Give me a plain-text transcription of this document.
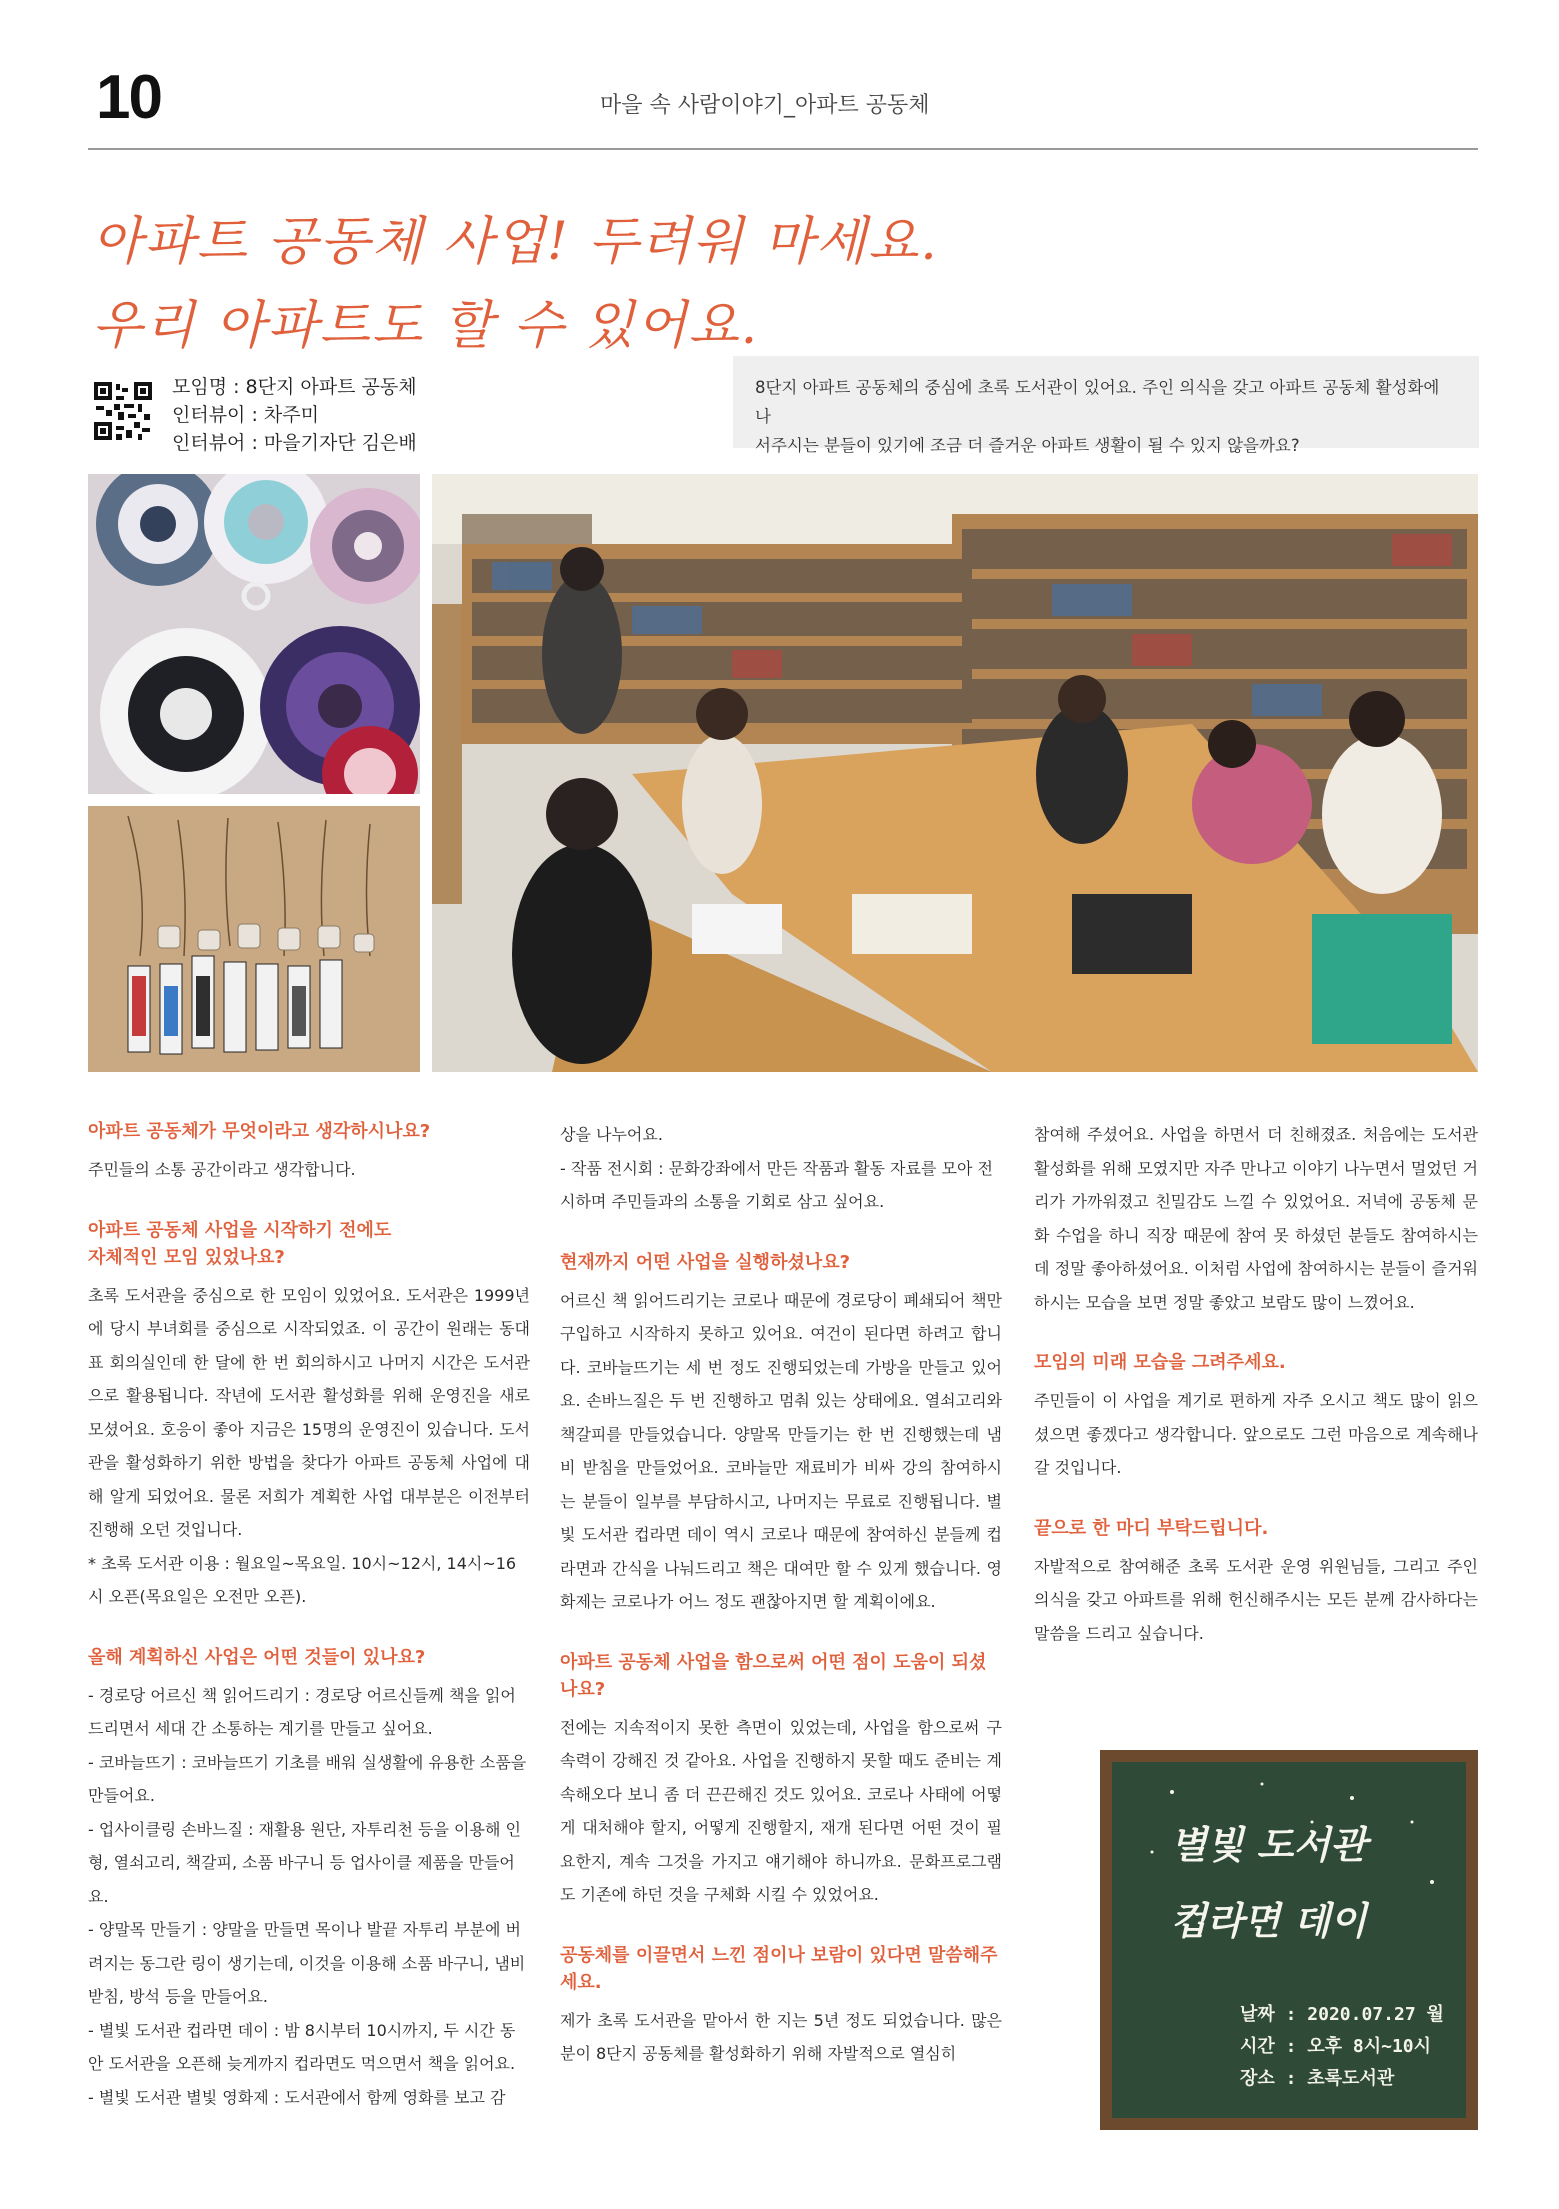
10	마을 속 사람이야기_아파트 공동체
아파트 공동체 사업! 두려워 마세요.
우리 아파트도 할 수 있어요.
모임명 : 8단지 아파트 공동체
인터뷰이 : 차주미
인터뷰어 : 마을기자단 김은배
8단지 아파트 공동체의 중심에 초록 도서관이 있어요. 주인 의식을 갖고 아파트 공동체 활성화에 나
서주시는 분들이 있기에 조금 더 즐거운 아파트 생활이 될 수 있지 않을까요?

아파트 공동체가 무엇이라고 생각하시나요?

주민들의 소통 공간이라고 생각합니다.

아파트 공동체 사업을 시작하기 전에도

자체적인 모임 있었나요?

초록 도서관을 중심으로 한 모임이 있었어요. 도서관은 1999년에 당시 부녀회를 중심으로 시작되었죠. 이 공간이 원래는 동대표 회의실인데 한 달에 한 번 회의하시고 나머지 시간은 도서관으로 활용됩니다. 작년에 도서관 활성화를 위해 운영진을 새로 모셨어요. 호응이 좋아 지금은 15명의 운영진이 있습니다. 도서관을 활성화하기 위한 방법을 찾다가 아파트 공동체 사업에 대해 알게 되었어요. 물론 저희가 계획한 사업 대부분은 이전부터 진행해 오던 것입니다.

* 초록 도서관 이용 : 월요일~목요일. 10시~12시, 14시~16시 오픈(목요일은 오전만 오픈).

올해 계획하신 사업은 어떤 것들이 있나요?

- 경로당 어르신 책 읽어드리기 : 경로당 어르신들께 책을 읽어드리면서 세대 간 소통하는 계기를 만들고 싶어요.

- 코바늘뜨기 : 코바늘뜨기 기초를 배워 실생활에 유용한 소품을 만들어요.

- 업사이클링 손바느질 : 재활용 원단, 자투리천 등을 이용해 인형, 열쇠고리, 책갈피, 소품 바구니 등 업사이클 제품을 만들어요.

- 양말목 만들기 : 양말을 만들면 목이나 발끝 자투리 부분에 버려지는 동그란 링이 생기는데, 이것을 이용해 소품 바구니, 냄비 받침, 방석 등을 만들어요.

- 별빛 도서관 컵라면 데이 : 밤 8시부터 10시까지, 두 시간 동안 도서관을 오픈해 늦게까지 컵라면도 먹으면서 책을 읽어요.

- 별빛 도서관 별빛 영화제 : 도서관에서 함께 영화를 보고 감

상을 나누어요.

- 작품 전시회 : 문화강좌에서 만든 작품과 활동 자료를 모아 전시하며 주민들과의 소통을 기회로 삼고 싶어요.

현재까지 어떤 사업을 실행하셨나요?

어르신 책 읽어드리기는 코로나 때문에 경로당이 폐쇄되어 책만 구입하고 시작하지 못하고 있어요. 여건이 된다면 하려고 합니다. 코바늘뜨기는 세 번 정도 진행되었는데 가방을 만들고 있어요. 손바느질은 두 번 진행하고 멈춰 있는 상태에요. 열쇠고리와 책갈피를 만들었습니다. 양말목 만들기는 한 번 진행했는데 냄비 받침을 만들었어요. 코바늘만 재료비가 비싸 강의 참여하시는 분들이 일부를 부담하시고, 나머지는 무료로 진행됩니다. 별빛 도서관 컵라면 데이 역시 코로나 때문에 참여하신 분들께 컵라면과 간식을 나눠드리고 책은 대여만 할 수 있게 했습니다. 영화제는 코로나가 어느 정도 괜찮아지면 할 계획이에요.

아파트 공동체 사업을 함으로써 어떤 점이 도움이 되셨나요?

전에는 지속적이지 못한 측면이 있었는데, 사업을 함으로써 구속력이 강해진 것 같아요. 사업을 진행하지 못할 때도 준비는 계속해오다 보니 좀 더 끈끈해진 것도 있어요. 코로나 사태에 어떻게 대처해야 할지, 어떻게 진행할지, 재개 된다면 어떤 것이 필요한지, 계속 그것을 가지고 얘기해야 하니까요. 문화프로그램도 기존에 하던 것을 구체화 시킬 수 있었어요.

공동체를 이끌면서 느낀 점이나 보람이 있다면 말씀해주세요.

제가 초록 도서관을 맡아서 한 지는 5년 정도 되었습니다. 많은 분이 8단지 공동체를 활성화하기 위해 자발적으로 열심히

참여해 주셨어요. 사업을 하면서 더 친해졌죠. 처음에는 도서관 활성화를 위해 모였지만 자주 만나고 이야기 나누면서 멀었던 거리가 가까워졌고 친밀감도 느낄 수 있었어요. 저녁에 공동체 문화 수업을 하니 직장 때문에 참여 못 하셨던 분들도 참여하시는데 정말 좋아하셨어요. 이처럼 사업에 참여하시는 분들이 즐거워하시는 모습을 보면 정말 좋았고 보람도 많이 느꼈어요.

모임의 미래 모습을 그려주세요.

주민들이 이 사업을 계기로 편하게 자주 오시고 책도 많이 읽으셨으면 좋겠다고 생각합니다. 앞으로도 그런 마음으로 계속해나갈 것입니다.

끝으로 한 마디 부탁드립니다.

자발적으로 참여해준 초록 도서관 운영 위원님들, 그리고 주인 의식을 갖고 아파트를 위해 헌신해주시는 모든 분께 감사하다는 말씀을 드리고 싶습니다.

별빛 도서관
컵라면 데이
날짜 : 2020.07.27 월
시간 : 오후 8시~10시
장소 : 초록도서관
